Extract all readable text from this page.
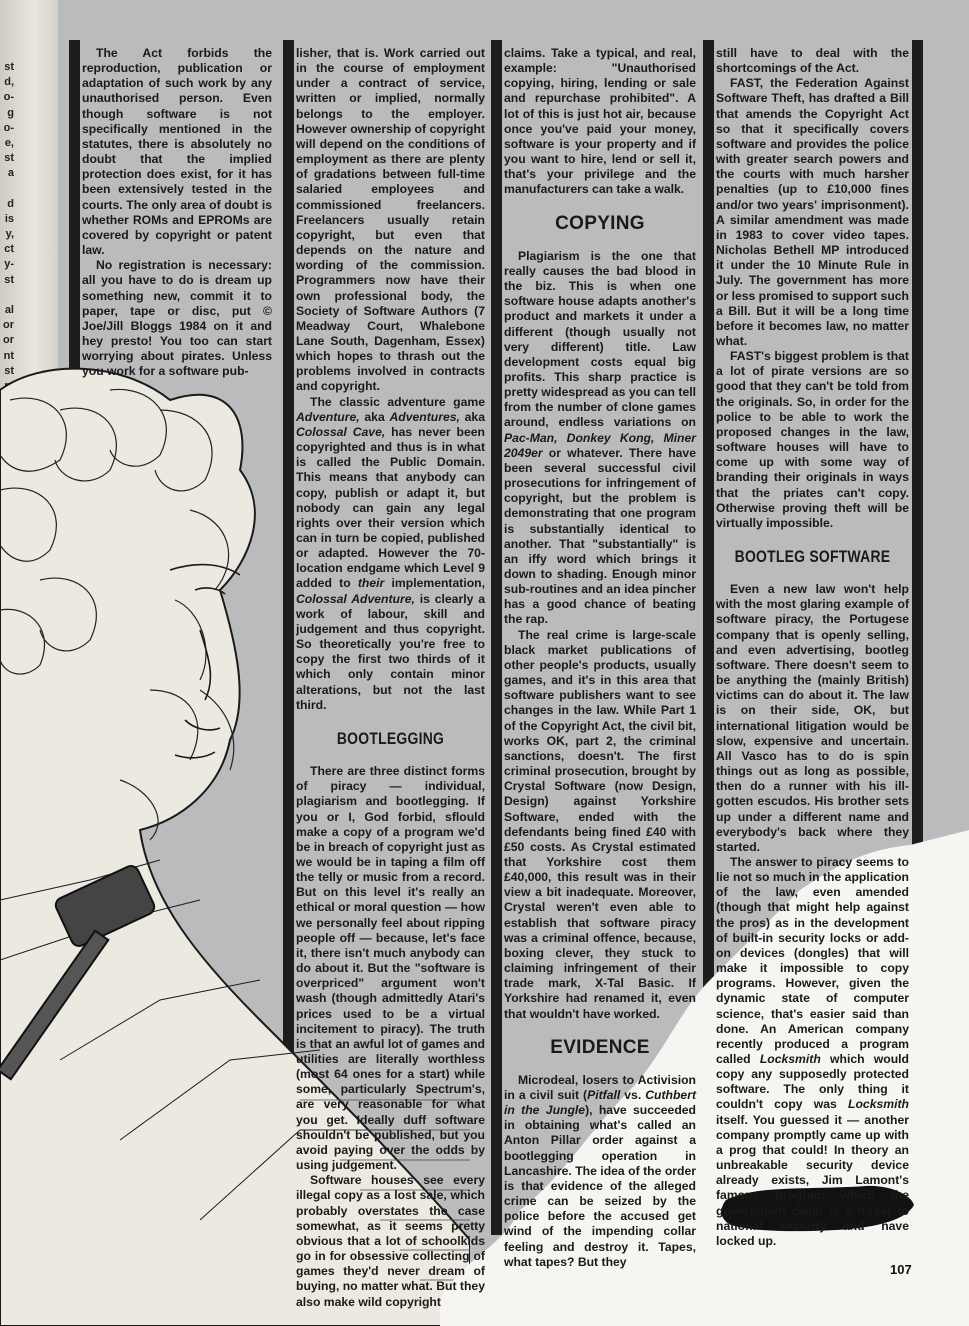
st
d,
o-
g
o-
e,
st
a
d
is
y,
ct
y-
st
al
or
or
nt
st

The Act forbids the reproduction, publication or adaptation of such work by any unauthorised person. Even though software is not specifically mentioned in the statutes, there is absolutely no doubt that the implied protection does exist, for it has been extensively tested in the courts. The only area of doubt is whether ROMs and EPROMs are covered by copyright or patent law.

No registration is necessary: all you have to do is dream up something new, commit it to paper, tape or disc, put © Joe/Jill Bloggs 1984 on it and hey presto! You too can start worrying about pirates. Unless you work for a software pub-

lisher, that is. Work carried out in the course of employment under a contract of service, written or implied, normally belongs to the employer. However ownership of copyright will depend on the conditions of employment as there are plenty of gradations between full-time salaried employees and commissioned freelancers. Freelancers usually retain copyright, but even that depends on the nature and wording of the commission. Programmers now have their own professional body, the Society of Software Authors (7 Meadway Court, Whalebone Lane South, Dagenham, Essex) which hopes to thrash out the problems involved in contracts and copyright.

The classic adventure game Adventure, aka Adventures, aka Colossal Cave, has never been copyrighted and thus is in what is called the Public Domain. This means that anybody can copy, publish or adapt it, but nobody can gain any legal rights over their version which can in turn be copied, published or adapted. However the 70-location endgame which Level 9 added to their implementation, Colossal Adventure, is clearly a work of labour, skill and judgement and thus copyright. So theoretically you're free to copy the first two thirds of it which only contain minor alterations, but not the last third.

BOOTLEGGING

There are three distinct forms of piracy — individual, plagiarism and bootlegging. If you or I, God forbid, sflould make a copy of a program we'd be in breach of copyright just as we would be in taping a film off the telly or music from a record. But on this level it's really an ethical or moral question — how we personally feel about ripping people off — because, let's face it, there isn't much anybody can do about it. But the "software is overpriced" argument won't wash (though admittedly Atari's prices used to be a virtual incitement to piracy). The truth is that an awful lot of games and utilities are literally worthless (most 64 ones for a start) while some, particularly Spectrum's, are very reasonable for what you get. Ideally duff software shouldn't be published, but you avoid paying over the odds by using judgement.

Software houses see every illegal copy as a lost sale, which probably overstates the case somewhat, as it seems pretty obvious that a lot of schoolkids go in for obsessive collecting of games they'd never dream of buying, no matter what. But they also make wild copyright

claims. Take a typical, and real, example: "Unauthorised copying, hiring, lending or sale and repurchase prohibited". A lot of this is just hot air, because once you've paid your money, software is your property and if you want to hire, lend or sell it, that's your privilege and the manufacturers can take a walk.

COPYING

Plagiarism is the one that really causes the bad blood in the biz. This is when one software house adapts another's product and markets it under a different (though usually not very different) title. Law development costs equal big profits. This sharp practice is pretty widespread as you can tell from the number of clone games around, endless variations on Pac-Man, Donkey Kong, Miner 2049er or whatever. There have been several successful civil prosecutions for infringement of copyright, but the problem is demonstrating that one program is substantially identical to another. That "substantially" is an iffy word which brings it down to shading. Enough minor sub-routines and an idea pincher has a good chance of beating the rap.

The real crime is large-scale black market publications of other people's products, usually games, and it's in this area that software publishers want to see changes in the law. While Part 1 of the Copyright Act, the civil bit, works OK, part 2, the criminal sanctions, doesn't. The first criminal prosecution, brought by Crystal Software (now Design, Design) against Yorkshire Software, ended with the defendants being fined £40 with £50 costs. As Crystal estimated that Yorkshire cost them £40,000, this result was in their view a bit inadequate. Moreover, Crystal weren't even able to establish that software piracy was a criminal offence, because, boxing clever, they stuck to claiming infringement of their trade mark, X-Tal Basic. If Yorkshire had renamed it, even that wouldn't have worked.

EVIDENCE

Microdeal, losers to Activision in a civil suit (Pitfall vs. Cuthbert in the Jungle), have succeeded in obtaining what's called an Anton Pillar order against a bootlegging operation in Lancashire. The idea of the order is that evidence of the alleged crime can be seized by the police before the accused get wind of the impending collar feeling and destroy it. Tapes, what tapes? But they

still have to deal with the shortcomings of the Act.

FAST, the Federation Against Software Theft, has drafted a Bill that amends the Copyright Act so that it specifically covers software and provides the police with greater search powers and the courts with much harsher penalties (up to £10,000 fines and/or two years' imprisonment). A similar amendment was made in 1983 to cover video tapes. Nicholas Bethell MP introduced it under the 10 Minute Rule in July. The government has more or less promised to support such a Bill. But it will be a long time before it becomes law, no matter what.

FAST's biggest problem is that a lot of pirate versions are so good that they can't be told from the originals. So, in order for the police to be able to work the proposed changes in the law, software houses will have to come up with some way of branding their originals in ways that the priates can't copy. Otherwise proving theft will be virtually impossible.

BOOTLEG SOFTWARE

Even a new law won't help with the most glaring example of software piracy, the Portugese company that is openly selling, and even advertising, bootleg software. There doesn't seem to be anything the (mainly British) victims can do about it. The law is on their side, OK, but international litigation would be slow, expensive and uncertain. All Vasco has to do is spin things out as long as possible, then do a runner with his ill-gotten escudos. His brother sets up under a different name and everybody's back where they started.

The answer to piracy seems to lie not so much in the application of the law, even amended (though that might help against the pros) as in the development of built-in security locks or add-on devices (dongles) that will make it impossible to copy programs. However, given the dynamic state of computer science, that's easier said than done. An American company recently produced a program called Locksmith which would copy any supposedly protected software. The only thing it couldn't copy was Locksmith itself. You guessed it — another company promptly came up with a prog that could! In theory an unbreakable security device already exists, Jim Lamont's famous program which the government claim is a threat to national security and have locked up.

107
